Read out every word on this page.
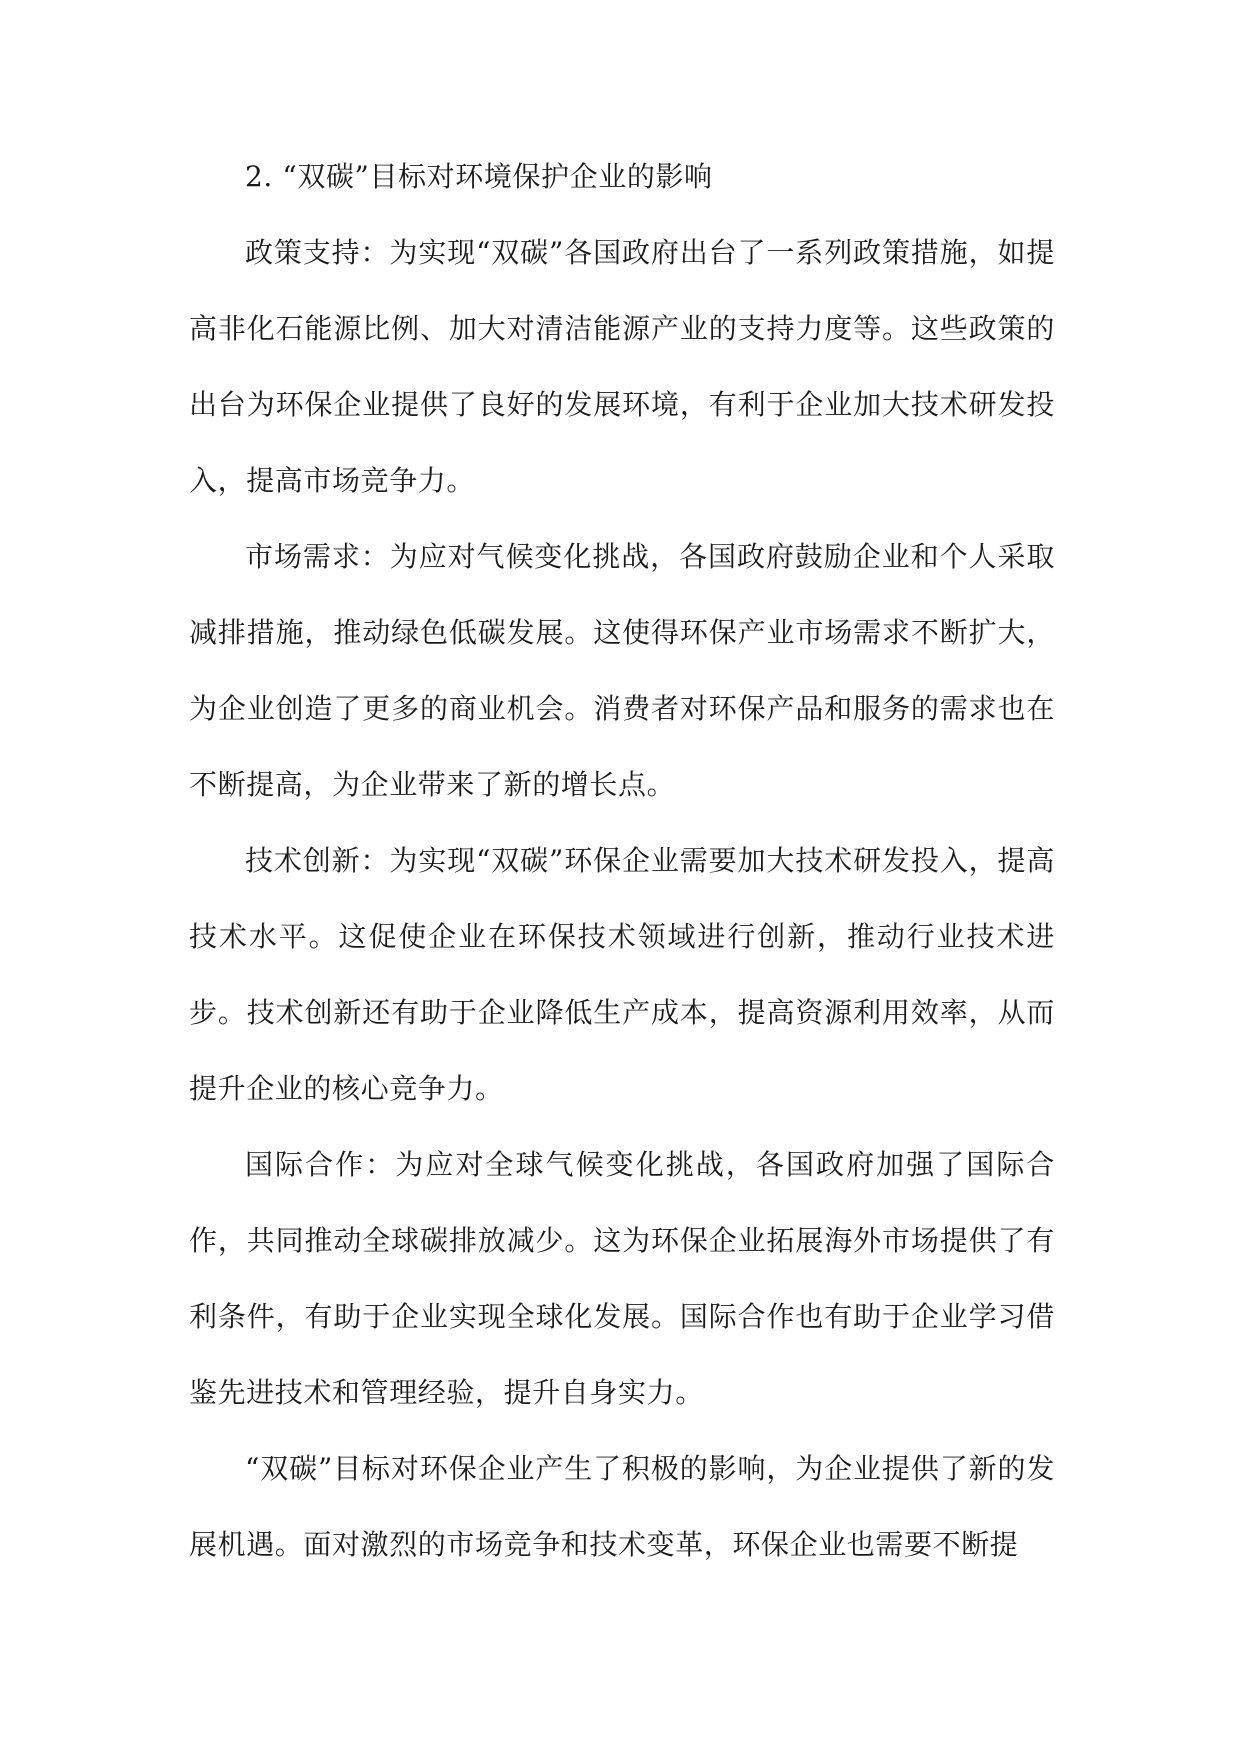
2. “双碳”目标对环境保护企业的影响

政策支持：为实现“双碳”各国政府出台了一系列政策措施，如提高非化石能源比例、加大对清洁能源产业的支持力度等。这些政策的出台为环保企业提供了良好的发展环境，有利于企业加大技术研发投入，提高市场竞争力。

市场需求：为应对气候变化挑战，各国政府鼓励企业和个人采取减排措施，推动绿色低碳发展。这使得环保产业市场需求不断扩大，为企业创造了更多的商业机会。消费者对环保产品和服务的需求也在不断提高，为企业带来了新的增长点。

技术创新：为实现“双碳”环保企业需要加大技术研发投入，提高技术水平。这促使企业在环保技术领域进行创新，推动行业技术进步。技术创新还有助于企业降低生产成本，提高资源利用效率，从而提升企业的核心竞争力。

国际合作：为应对全球气候变化挑战，各国政府加强了国际合作，共同推动全球碳排放减少。这为环保企业拓展海外市场提供了有利条件，有助于企业实现全球化发展。国际合作也有助于企业学习借鉴先进技术和管理经验，提升自身实力。

“双碳”目标对环保企业产生了积极的影响，为企业提供了新的发展机遇。面对激烈的市场竞争和技术变革，环保企业也需要不断提
